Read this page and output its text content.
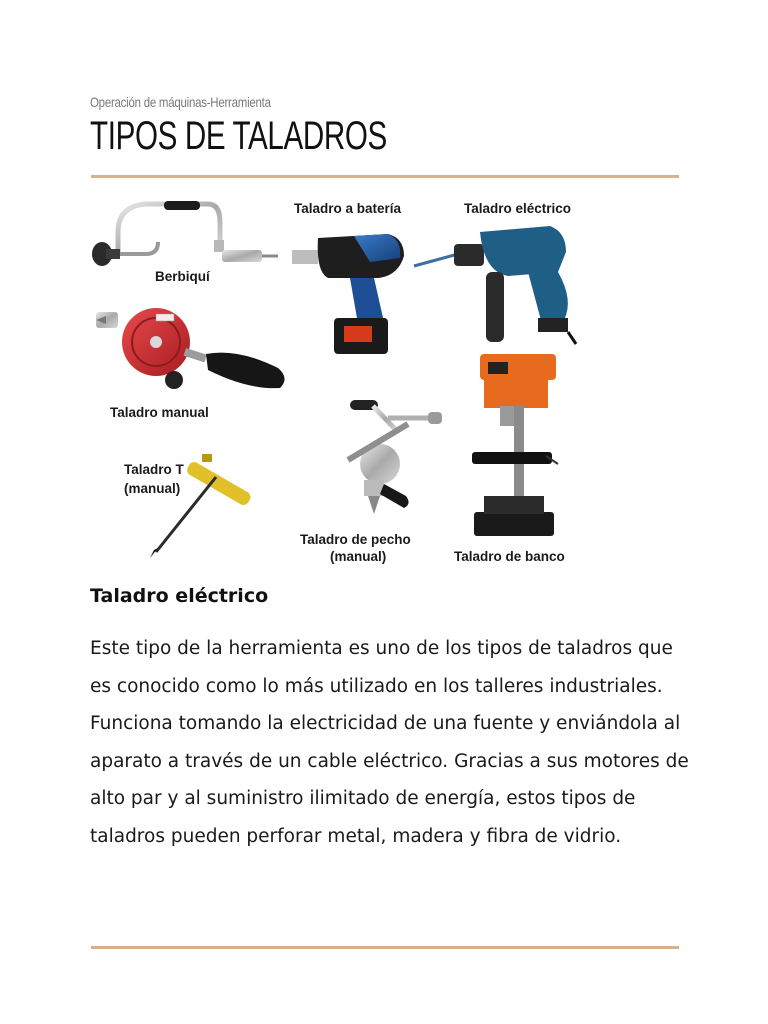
Operación de máquinas-Herramienta
TIPOS DE TALADROS
Berbiquí
Taladro manual
Taladro T
(manual)
Taladro a batería	Taladro eléctrico
Taladro de pecho
(manual)	Taladro de banco
Taladro eléctrico

Este tipo de la herramienta es uno de los tipos de taladros que es conocido como lo más utilizado en los talleres industriales. Funciona tomando la electricidad de una fuente y enviándola al aparato a través de un cable eléctrico. Gracias a sus motores de alto par y al suministro ilimitado de energía, estos tipos de taladros pueden perforar metal, madera y fibra de vidrio.
